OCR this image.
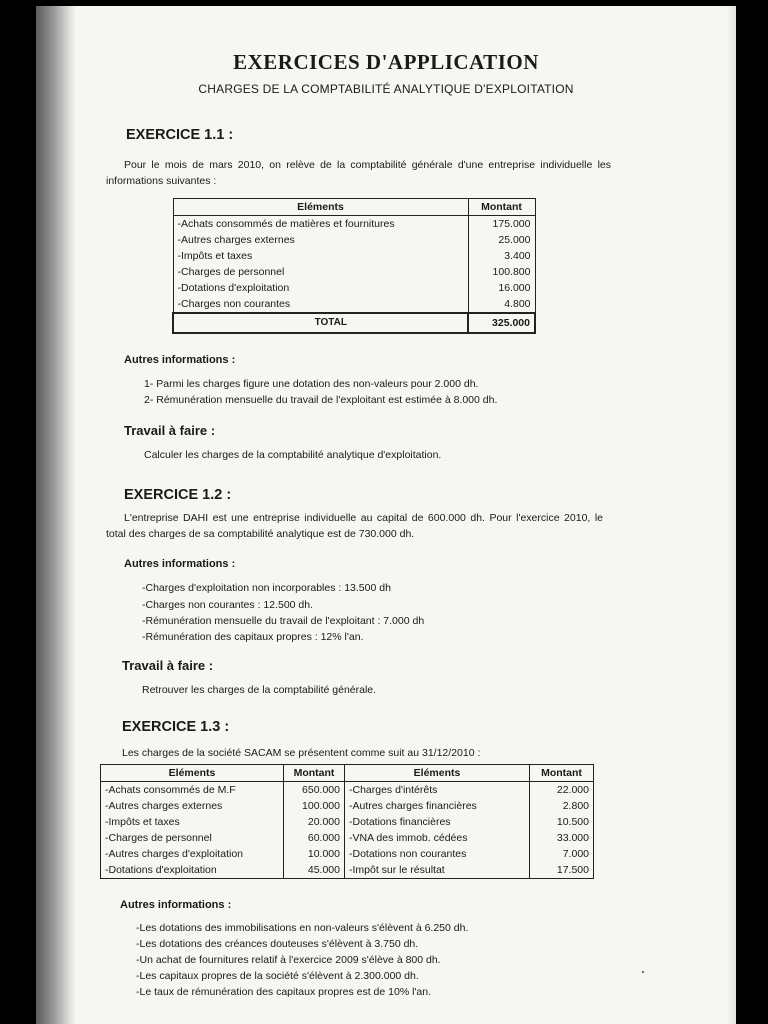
EXERCICES D'APPLICATION
CHARGES DE LA COMPTABILITÉ ANALYTIQUE D'EXPLOITATION
EXERCICE 1.1 :
Pour le mois de mars 2010, on relève de la comptabilité générale d'une entreprise individuelle les informations suivantes :
Eléments	Montant
-Achats consommés de matières et fournitures	175.000
-Autres charges externes	25.000
-Impôts et taxes	3.400
-Charges de personnel	100.800
-Dotations d'exploitation	16.000
-Charges non courantes	4.800
TOTAL	325.000
Autres informations :
1- Parmi les charges figure une dotation des non-valeurs pour 2.000 dh.
2- Rémunération mensuelle du travail de l'exploitant est estimée à 8.000 dh.
Travail à faire :
Calculer les charges de la comptabilité analytique d'exploitation.
EXERCICE 1.2 :
L'entreprise DAHI est une entreprise individuelle au capital de 600.000 dh. Pour l'exercice 2010, le total des charges de sa comptabilité analytique est de 730.000 dh.
Autres informations :
-Charges d'exploitation non incorporables : 13.500 dh
-Charges non courantes : 12.500 dh.
-Rémunération mensuelle du travail de l'exploitant : 7.000 dh
-Rémunération des capitaux propres : 12% l'an.
Travail à faire :
Retrouver les charges de la comptabilité générale.
EXERCICE 1.3 :
Les charges de la société SACAM se présentent comme suit au 31/12/2010 :
Eléments	Montant	Eléments	Montant
-Achats consommés de M.F	650.000	-Charges d'intérêts	22.000
-Autres charges externes	100.000	-Autres charges financières	2.800
-Impôts et taxes	20.000	-Dotations financières	10.500
-Charges de personnel	60.000	-VNA des immob. cédées	33.000
-Autres charges d'exploitation	10.000	-Dotations non courantes	7.000
-Dotations d'exploitation	45.000	-Impôt sur le résultat	17.500
Autres informations :
-Les dotations des immobilisations en non-valeurs s'élèvent à 6.250 dh.
-Les dotations des créances douteuses s'élèvent à 3.750 dh.
-Un achat de fournitures relatif à l'exercice 2009 s'élève à 800 dh.
-Les capitaux propres de la société s'élèvent à 2.300.000 dh.
-Le taux de rémunération des capitaux propres est de 10% l'an.
